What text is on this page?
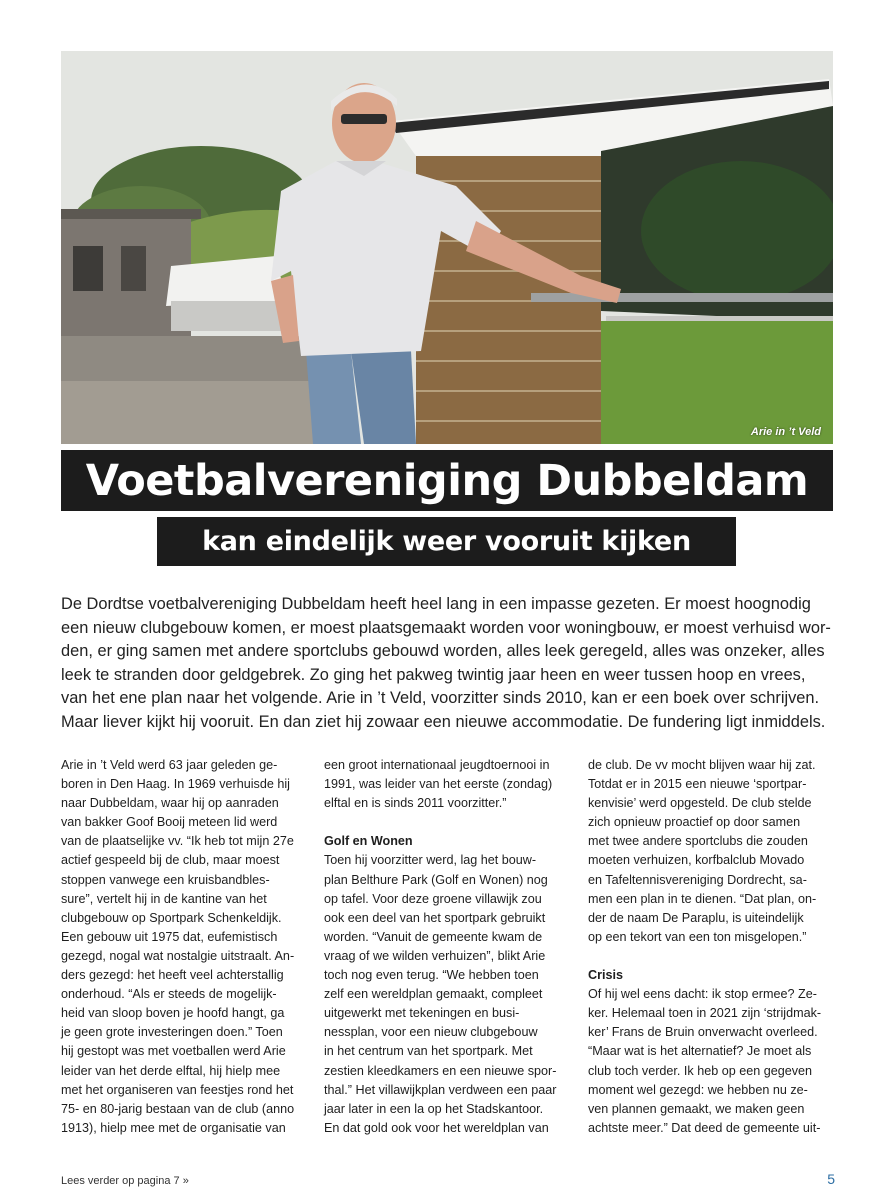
Arie in ’t Veld
Voetbalvereniging Dubbeldam
kan eindelijk weer vooruit kijken
De Dordtse voetbalvereniging Dubbeldam heeft heel lang in een impasse gezeten. Er moest hoognodig
een nieuw clubgebouw komen, er moest plaatsgemaakt worden voor woningbouw, er moest verhuisd wor-
den, er ging samen met andere sportclubs gebouwd worden, alles leek geregeld, alles was onzeker, alles
leek te stranden door geldgebrek. Zo ging het pakweg twintig jaar heen en weer tussen hoop en vrees,
van het ene plan naar het volgende. Arie in ’t Veld, voorzitter sinds 2010, kan er een boek over schrijven.
Maar liever kijkt hij vooruit. En dan ziet hij zowaar een nieuwe accommodatie. De fundering ligt inmiddels.
Arie in ’t Veld werd 63 jaar geleden ge-
boren in Den Haag. In 1969 verhuisde hij
naar Dubbeldam, waar hij op aanraden
van bakker Goof Booij meteen lid werd
van de plaatselijke vv. “Ik heb tot mijn 27e
actief gespeeld bij de club, maar moest
stoppen vanwege een kruisbandbles-
sure”, vertelt hij in de kantine van het
clubgebouw op Sportpark Schenkeldijk.
Een gebouw uit 1975 dat, eufemistisch
gezegd, nogal wat nostalgie uitstraalt. An-
ders gezegd: het heeft veel achterstallig
onderhoud. “Als er steeds de mogelijk-
heid van sloop boven je hoofd hangt, ga
je geen grote investeringen doen.” Toen
hij gestopt was met voetballen werd Arie
leider van het derde elftal, hij hielp mee
met het organiseren van feestjes rond het
75- en 80-jarig bestaan van de club (anno
1913), hielp mee met de organisatie van
een groot internationaal jeugdtoernooi in
1991, was leider van het eerste (zondag)
elftal en is sinds 2011 voorzitter.”
Golf en Wonen
Toen hij voorzitter werd, lag het bouw-
plan Belthure Park (Golf en Wonen) nog
op tafel. Voor deze groene villawijk zou
ook een deel van het sportpark gebruikt
worden. “Vanuit de gemeente kwam de
vraag of we wilden verhuizen”, blikt Arie
toch nog even terug. “We hebben toen
zelf een wereldplan gemaakt, compleet
uitgewerkt met tekeningen en busi-
nessplan, voor een nieuw clubgebouw
in het centrum van het sportpark. Met
zestien kleedkamers en een nieuwe spor-
thal.” Het villawijkplan verdween een paar
jaar later in een la op het Stadskantoor.
En dat gold ook voor het wereldplan van
de club. De vv mocht blijven waar hij zat.
Totdat er in 2015 een nieuwe ‘sportpar-
kenvisie’ werd opgesteld. De club stelde
zich opnieuw proactief op door samen
met twee andere sportclubs die zouden
moeten verhuizen, korfbalclub Movado
en Tafeltennisvereniging Dordrecht, sa-
men een plan in te dienen. “Dat plan, on-
der de naam De Paraplu, is uiteindelijk
op een tekort van een ton misgelopen.”
Crisis
Of hij wel eens dacht: ik stop ermee? Ze-
ker. Helemaal toen in 2021 zijn ‘strijdmak-
ker’ Frans de Bruin onverwacht overleed.
“Maar wat is het alternatief? Je moet als
club toch verder. Ik heb op een gegeven
moment wel gezegd: we hebben nu ze-
ven plannen gemaakt, we maken geen
achtste meer.” Dat deed de gemeente uit-
Lees verder op pagina 7 »	5
